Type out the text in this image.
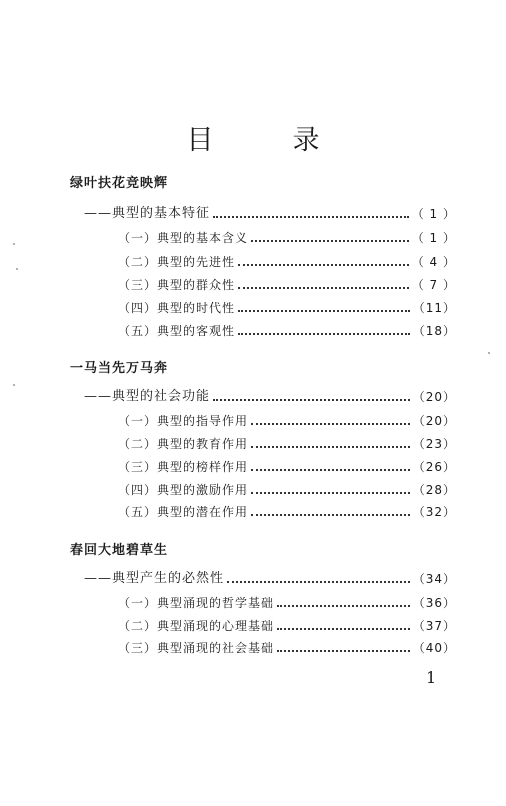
目　录
绿叶扶花竞映辉
——典型的基本特征	（ 1 ）
（一）典型的基本含义	（ 1 ）
（二）典型的先进性	（ 4 ）
（三）典型的群众性	（ 7 ）
（四）典型的时代性	（11）
（五）典型的客观性	（18）
一马当先万马奔
——典型的社会功能	（20）
（一）典型的指导作用	（20）
（二）典型的教育作用	（23）
（三）典型的榜样作用	（26）
（四）典型的激励作用	（28）
（五）典型的潜在作用	（32）
春回大地碧草生
——典型产生的必然性	（34）
（一）典型涌现的哲学基础	（36）
（二）典型涌现的心理基础	（37）
（三）典型涌现的社会基础	（40）
1
